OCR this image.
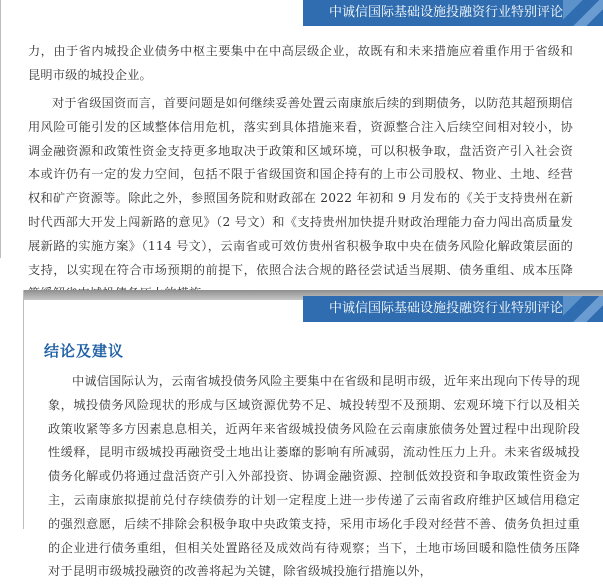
中诚信国际基础设施投融资行业特别评论

力，由于省内城投企业债务中枢主要集中在中高层级企业，故既有和未来措施应着重作用于省级和昆明市级的城投企业。

对于省级国资而言，首要问题是如何继续妥善处置云南康旅后续的到期债务，以防范其超预期信用风险可能引发的区域整体信用危机，落实到具体措施来看，资源整合注入后续空间相对较小，协调金融资源和政策性资金支持更多地取决于政策和区域环境，可以积极争取，盘活资产引入社会资本或许仍有一定的发力空间，包括不限于省级国资和国企持有的上市公司股权、物业、土地、经营权和矿产资源等。除此之外，参照国务院和财政部在 2022 年初和 9 月发布的《关于支持贵州在新时代西部大开发上闯新路的意见》（2 号文）和《支持贵州加快提升财政治理能力奋力闯出高质量发展新路的实施方案》（114 号文），云南省或可效仿贵州省积极争取中央在债务风险化解政策层面的支持，以实现在符合市场预期的前提下，依照合法合规的路径尝试适当展期、债务重组、成本压降

中诚信国际基础设施投融资行业特别评论
结论及建议

中诚信国际认为，云南省城投债务风险主要集中在省级和昆明市级，近年来出现向下传导的现象，城投债务风险现状的形成与区域资源优势不足、城投转型不及预期、宏观环境下行以及相关政策收紧等多方因素息息相关，近两年来省级城投债务风险在云南康旅债务处置过程中出现阶段性缓释，昆明市级城投再融资受土地出让萎靡的影响有所减弱，流动性压力上升。未来省级城投债务化解或仍将通过盘活资产引入外部投资、协调金融资源、控制低效投资和争取政策性资金为主，云南康旅拟提前兑付存续债券的计划一定程度上进一步传递了云南省政府维护区域信用稳定的强烈意愿，后续不排除会积极争取中央政策支持，采用市场化手段对经营不善、债务负担过重的企业进行债务重组，但相关处置路径及成效尚有待观察；当下，土地市场回暖和隐性债务压降对于昆明市级城投融资的改善将起为关键，除省级城投施行措施以外，
